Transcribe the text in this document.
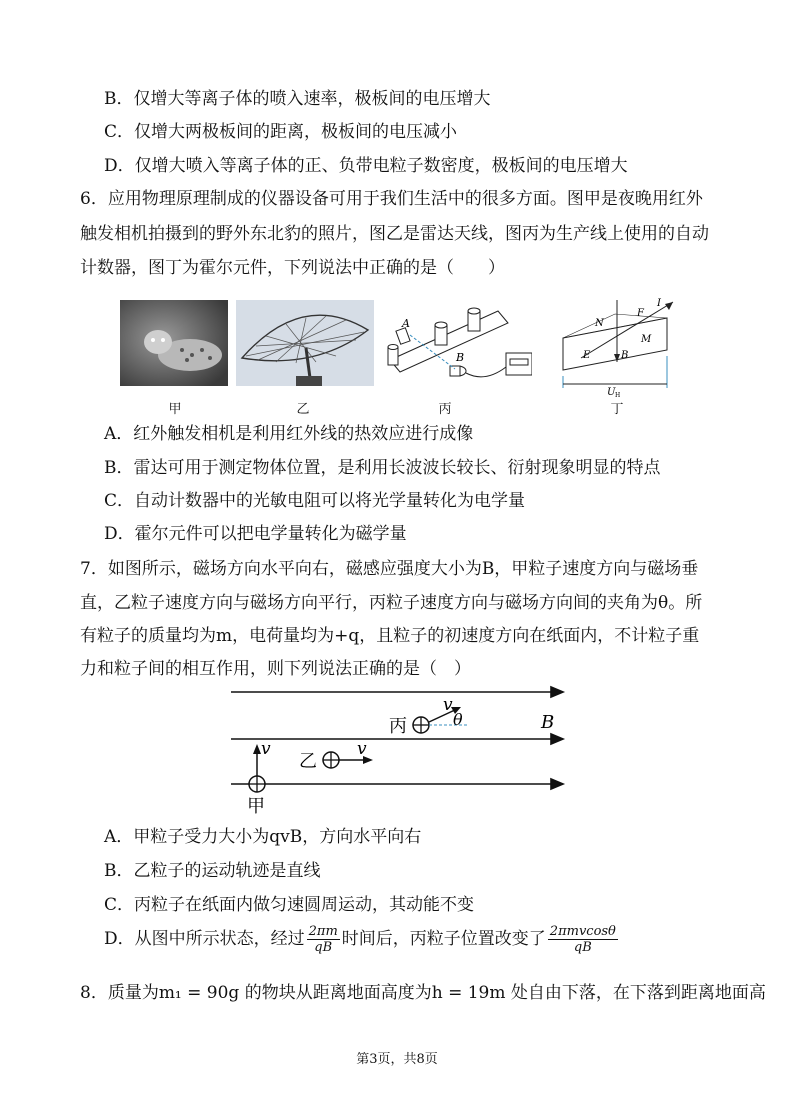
B．仅增大等离子体的喷入速率，极板间的电压增大
C．仅增大两极板间的距离，极板间的电压减小
D．仅增大喷入等离子体的正、负带电粒子数密度，极板间的电压增大
6．应用物理原理制成的仪器设备可用于我们生活中的很多方面。图甲是夜晚用红外
触发相机拍摄到的野外东北豹的照片，图乙是雷达天线，图丙为生产线上使用的自动
计数器，图丁为霍尔元件，下列说法中正确的是（　　）
A
B
N
F
I
E	B
M
U H
甲	乙	丙	丁
A．红外触发相机是利用红外线的热效应进行成像
B．雷达可用于测定物体位置，是利用长波波长较长、衍射现象明显的特点
C．自动计数器中的光敏电阻可以将光学量转化为电学量
D．霍尔元件可以把电学量转化为磁学量
7．如图所示，磁场方向水平向右，磁感应强度大小为B，甲粒子速度方向与磁场垂
直，乙粒子速度方向与磁场方向平行，丙粒子速度方向与磁场方向间的夹角为θ。所
有粒子的质量均为m，电荷量均为+q，且粒子的初速度方向在纸面内，不计粒子重
力和粒子间的相互作用，则下列说法正确的是（　）
B
v
θ
丙
乙
v
v
甲
A．甲粒子受力大小为qvB，方向水平向右
B．乙粒子的运动轨迹是直线
C．丙粒子在纸面内做匀速圆周运动，其动能不变
D．从图中所示状态，经过 $\frac{2\pi m}{qB}$ 时间后，丙粒子位置改变了 $\frac{\text{2πmvcosθ}}{qB}$
8．质量为m₁ = 90g 的物块从距离地面高度为h = 19m 处自由下落，在下落到距离地面高
第3页，共8页
